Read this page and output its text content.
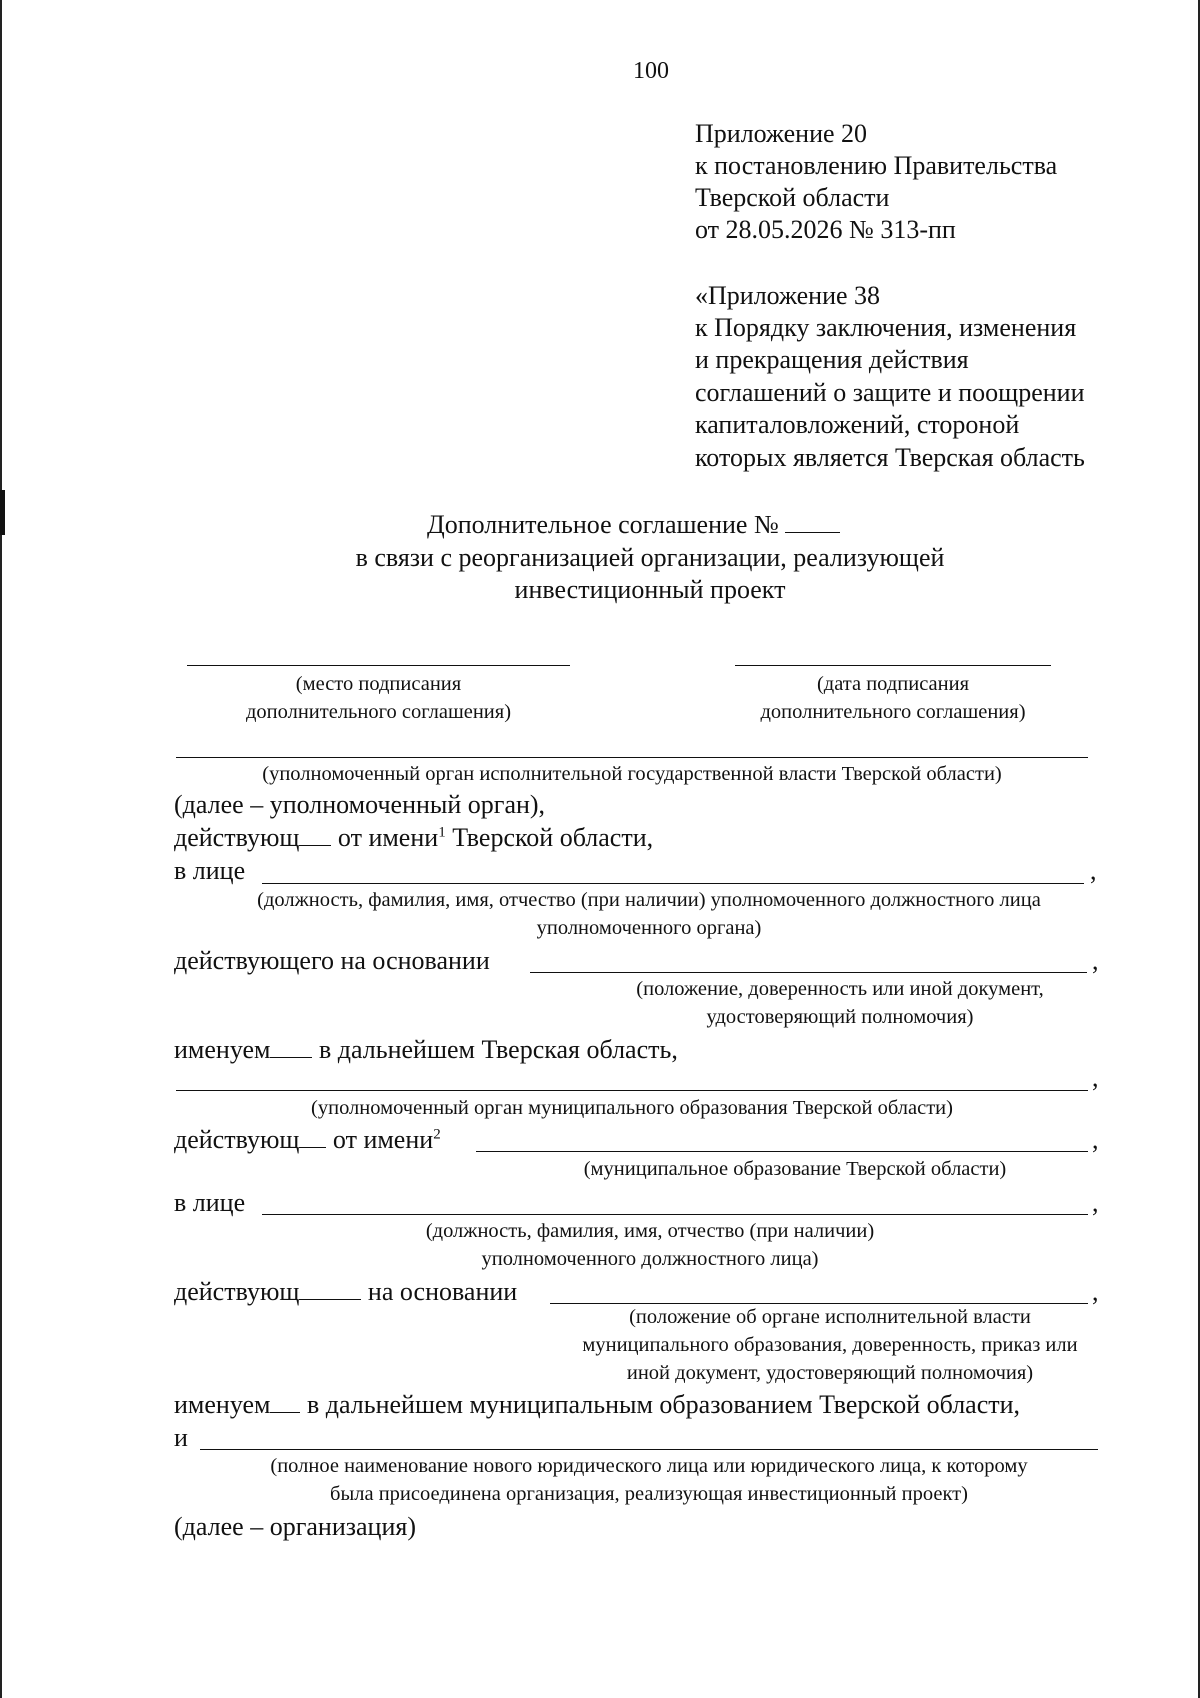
100
Приложение 20
к постановлению Правительства
Тверской области
от 28.05.2026 № 313-пп
«Приложение 38
к Порядку заключения, изменения
и прекращения действия
соглашений о защите и поощрении
капиталовложений, стороной
которых является Тверская область
Дополнительное соглашение №
в связи с реорганизацией организации, реализующей
инвестиционный проект
(место подписания
дополнительного соглашения)
(дата подписания
дополнительного соглашения)
(уполномоченный орган исполнительной государственной власти Тверской области)
(далее – уполномоченный орган),
действующ от имени$^1$ Тверской области,
в лице	,
(должность, фамилия, имя, отчество (при наличии) уполномоченного должностного лица
уполномоченного органа)
действующего на основании	,
(положение, доверенность или иной документ,
удостоверяющий полномочия)
именуем в дальнейшем Тверская область,
,
(уполномоченный орган муниципального образования Тверской области)
действующ от имени$^2$	,
(муниципальное образование Тверской области)
в лице	,
(должность, фамилия, имя, отчество (при наличии)
уполномоченного должностного лица)
действующ на основании	,
(положение об органе исполнительной власти
муниципального образования, доверенность, приказ или
иной документ, удостоверяющий полномочия)
именуем в дальнейшем муниципальным образованием Тверской области,
и
(полное наименование нового юридического лица или юридического лица, к которому
была присоединена организация, реализующая инвестиционный проект)
(далее – организация)
